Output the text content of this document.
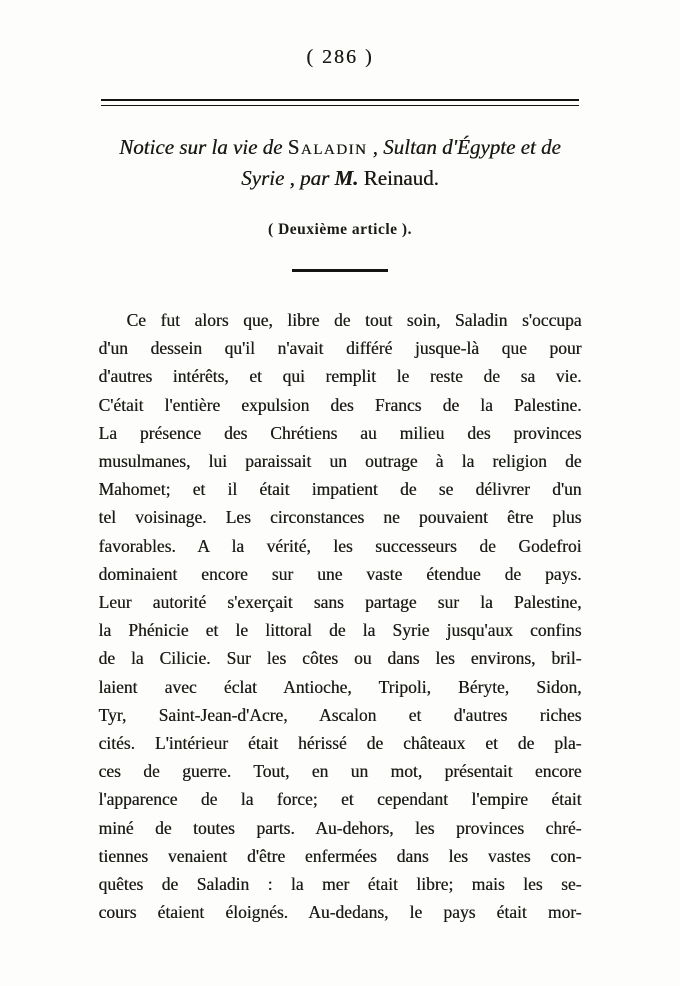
( 286 )
Notice sur la vie de Saladin , Sultan d'Égypte et de
Syrie , par M. Reinaud.
( Deuxième article ).
Ce fut alors que, libre de tout soin, Saladin s'occupa
d'un dessein qu'il n'avait différé jusque-là que pour
d'autres intérêts, et qui remplit le reste de sa vie.
C'était l'entière expulsion des Francs de la Palestine.
La présence des Chrétiens au milieu des provinces
musulmanes, lui paraissait un outrage à la religion de
Mahomet; et il était impatient de se délivrer d'un
tel voisinage. Les circonstances ne pouvaient être plus
favorables. A la vérité, les successeurs de Godefroi
dominaient encore sur une vaste étendue de pays.
Leur autorité s'exerçait sans partage sur la Palestine,
la Phénicie et le littoral de la Syrie jusqu'aux confins
de la Cilicie. Sur les côtes ou dans les environs, bril-
laient avec éclat Antioche, Tripoli, Béryte, Sidon,
Tyr, Saint-Jean-d'Acre, Ascalon et d'autres riches
cités. L'intérieur était hérissé de châteaux et de pla-
ces de guerre. Tout, en un mot, présentait encore
l'apparence de la force; et cependant l'empire était
miné de toutes parts. Au-dehors, les provinces chré-
tiennes venaient d'être enfermées dans les vastes con-
quêtes de Saladin : la mer était libre; mais les se-
cours étaient éloignés. Au-dedans, le pays était mor-
